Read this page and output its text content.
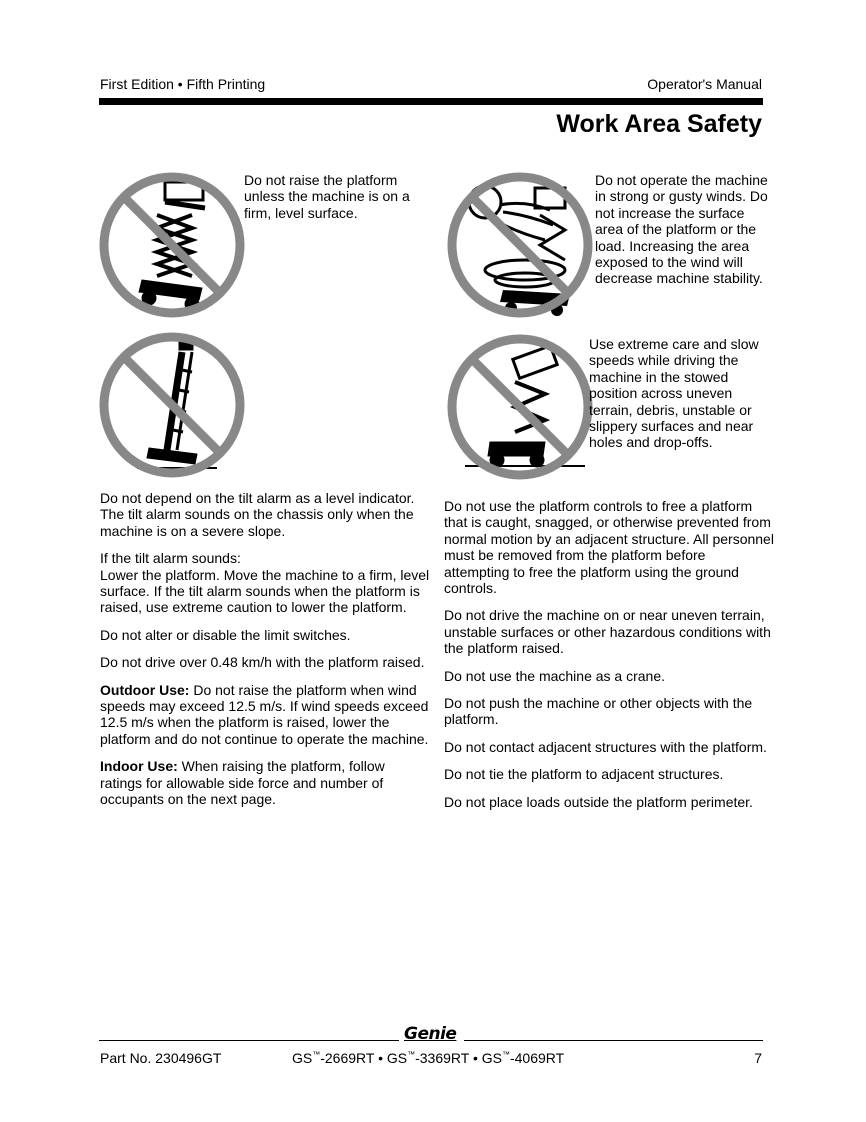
First Edition • Fifth Printing	Operator's Manual
Work Area Safety
Do not raise the platform unless the machine is on a firm, level surface.
Do not operate the machine in strong or gusty winds. Do not increase the surface area of the platform or the load. Increasing the area exposed to the wind will decrease machine stability.
Use extreme care and slow speeds while driving the machine in the stowed position across uneven terrain, debris, unstable or slippery surfaces and near holes and drop-offs.

Do not depend on the tilt alarm as a level indicator. The tilt alarm sounds on the chassis only when the machine is on a severe slope.

If the tilt alarm sounds:

Lower the platform. Move the machine to a firm, level surface. If the tilt alarm sounds when the platform is raised, use extreme caution to lower the platform.

Do not alter or disable the limit switches.

Do not drive over 0.48 km/h with the platform raised.

Outdoor Use: Do not raise the platform when wind speeds may exceed 12.5 m/s. If wind speeds exceed 12.5 m/s when the platform is raised, lower the platform and do not continue to operate the machine.

Indoor Use: When raising the platform, follow ratings for allowable side force and number of occupants on the next page.

Do not use the platform controls to free a platform that is caught, snagged, or otherwise prevented from normal motion by an adjacent structure. All personnel must be removed from the platform before attempting to free the platform using the ground controls.

Do not drive the machine on or near uneven terrain, unstable surfaces or other hazardous conditions with the platform raised.

Do not use the machine as a crane.

Do not push the machine or other objects with the platform.

Do not contact adjacent structures with the platform.

Do not tie the platform to adjacent structures.

Do not place loads outside the platform perimeter.

Genie
Part No. 230496GT	GS™-2669RT • GS™-3369RT • GS™-4069RT	7
